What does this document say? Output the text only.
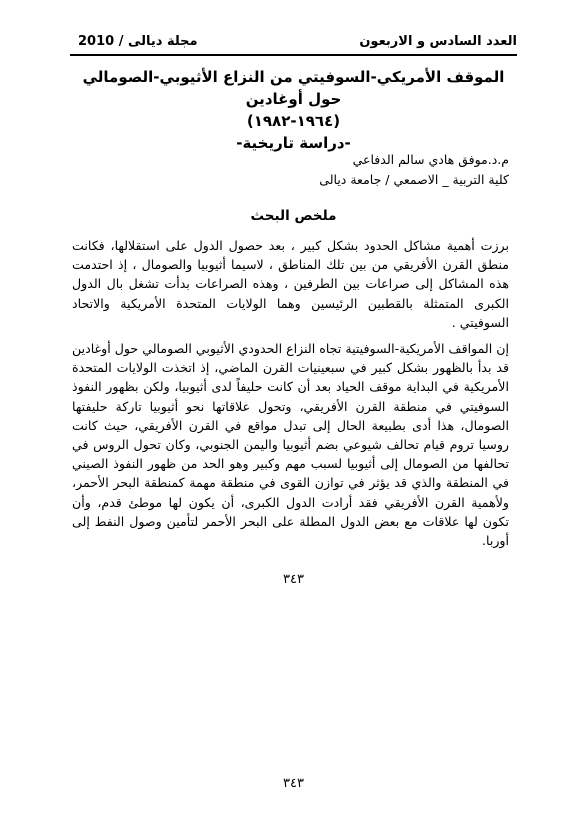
العدد السادس و الاربعون
مجلة ديالى / 2010
الموقف الأمريكي-السوفيتي من النزاع الأثيوبي-الصومالي حول أوغادين
(١٩٦٤-١٩٨٢)
-دراسة تاريخية-
م.د.موفق هادي سالم الدفاعي
كلية التربية _ الاصمعي / جامعة ديالى
ملخص البحث
برزت أهمية مشاكل الحدود بشكل كبير ، بعد حصول الدول على استقلالها، فكانت منطق القرن الأفريقي من بين تلك المناطق ، لاسيما أثيوبيا والصومال ، إذ احتدمت هذه المشاكل إلى صراعات بين الطرفين ، وهذه الصراعات بدأت تشغل بال الدول الكبرى المتمثلة بالقطبين الرئيسين وهما الولايات المتحدة الأمريكية والاتحاد السوفيتي .
إن المواقف الأمريكية-السوفيتية تجاه النزاع الحدودي الأثيوبي الصومالي حول أوغادين قد بدأ بالظهور بشكل كبير في سبعينيات القرن الماضي، إذ اتخذت الولايات المتحدة الأمريكية في البداية موقف الحياد بعد أن كانت حليفاً لدى أثيوبيا، ولكن بظهور النفوذ السوفيتي في منطقة القرن الأفريقي، وتحول علاقاتها نحو أثيوبيا تاركة حليفتها الصومال، هذا أدى بطبيعة الحال إلى تبدل مواقع في القرن الأفريقي، حيث كانت روسيا تروم قيام تحالف شيوعي بضم أثيوبيا واليمن الجنوبي، وكان تحول الروس في تحالفها من الصومال إلى أثيوبيا لسبب مهم وكبير وهو الحد من ظهور النفوذ الصيني في المنطقة والذي قد يؤثر في توازن القوى في منطقة مهمة كمنطقة البحر الأحمر، ولأهمية القرن الأفريقي فقد أرادت الدول الكبرى، أن يكون لها موطئ قدم، وأن تكون لها علاقات مع بعض الدول المطلة على البحر الأحمر لتأمين وصول النفط إلى أوربا.
٣٤٣
٣٤٣
